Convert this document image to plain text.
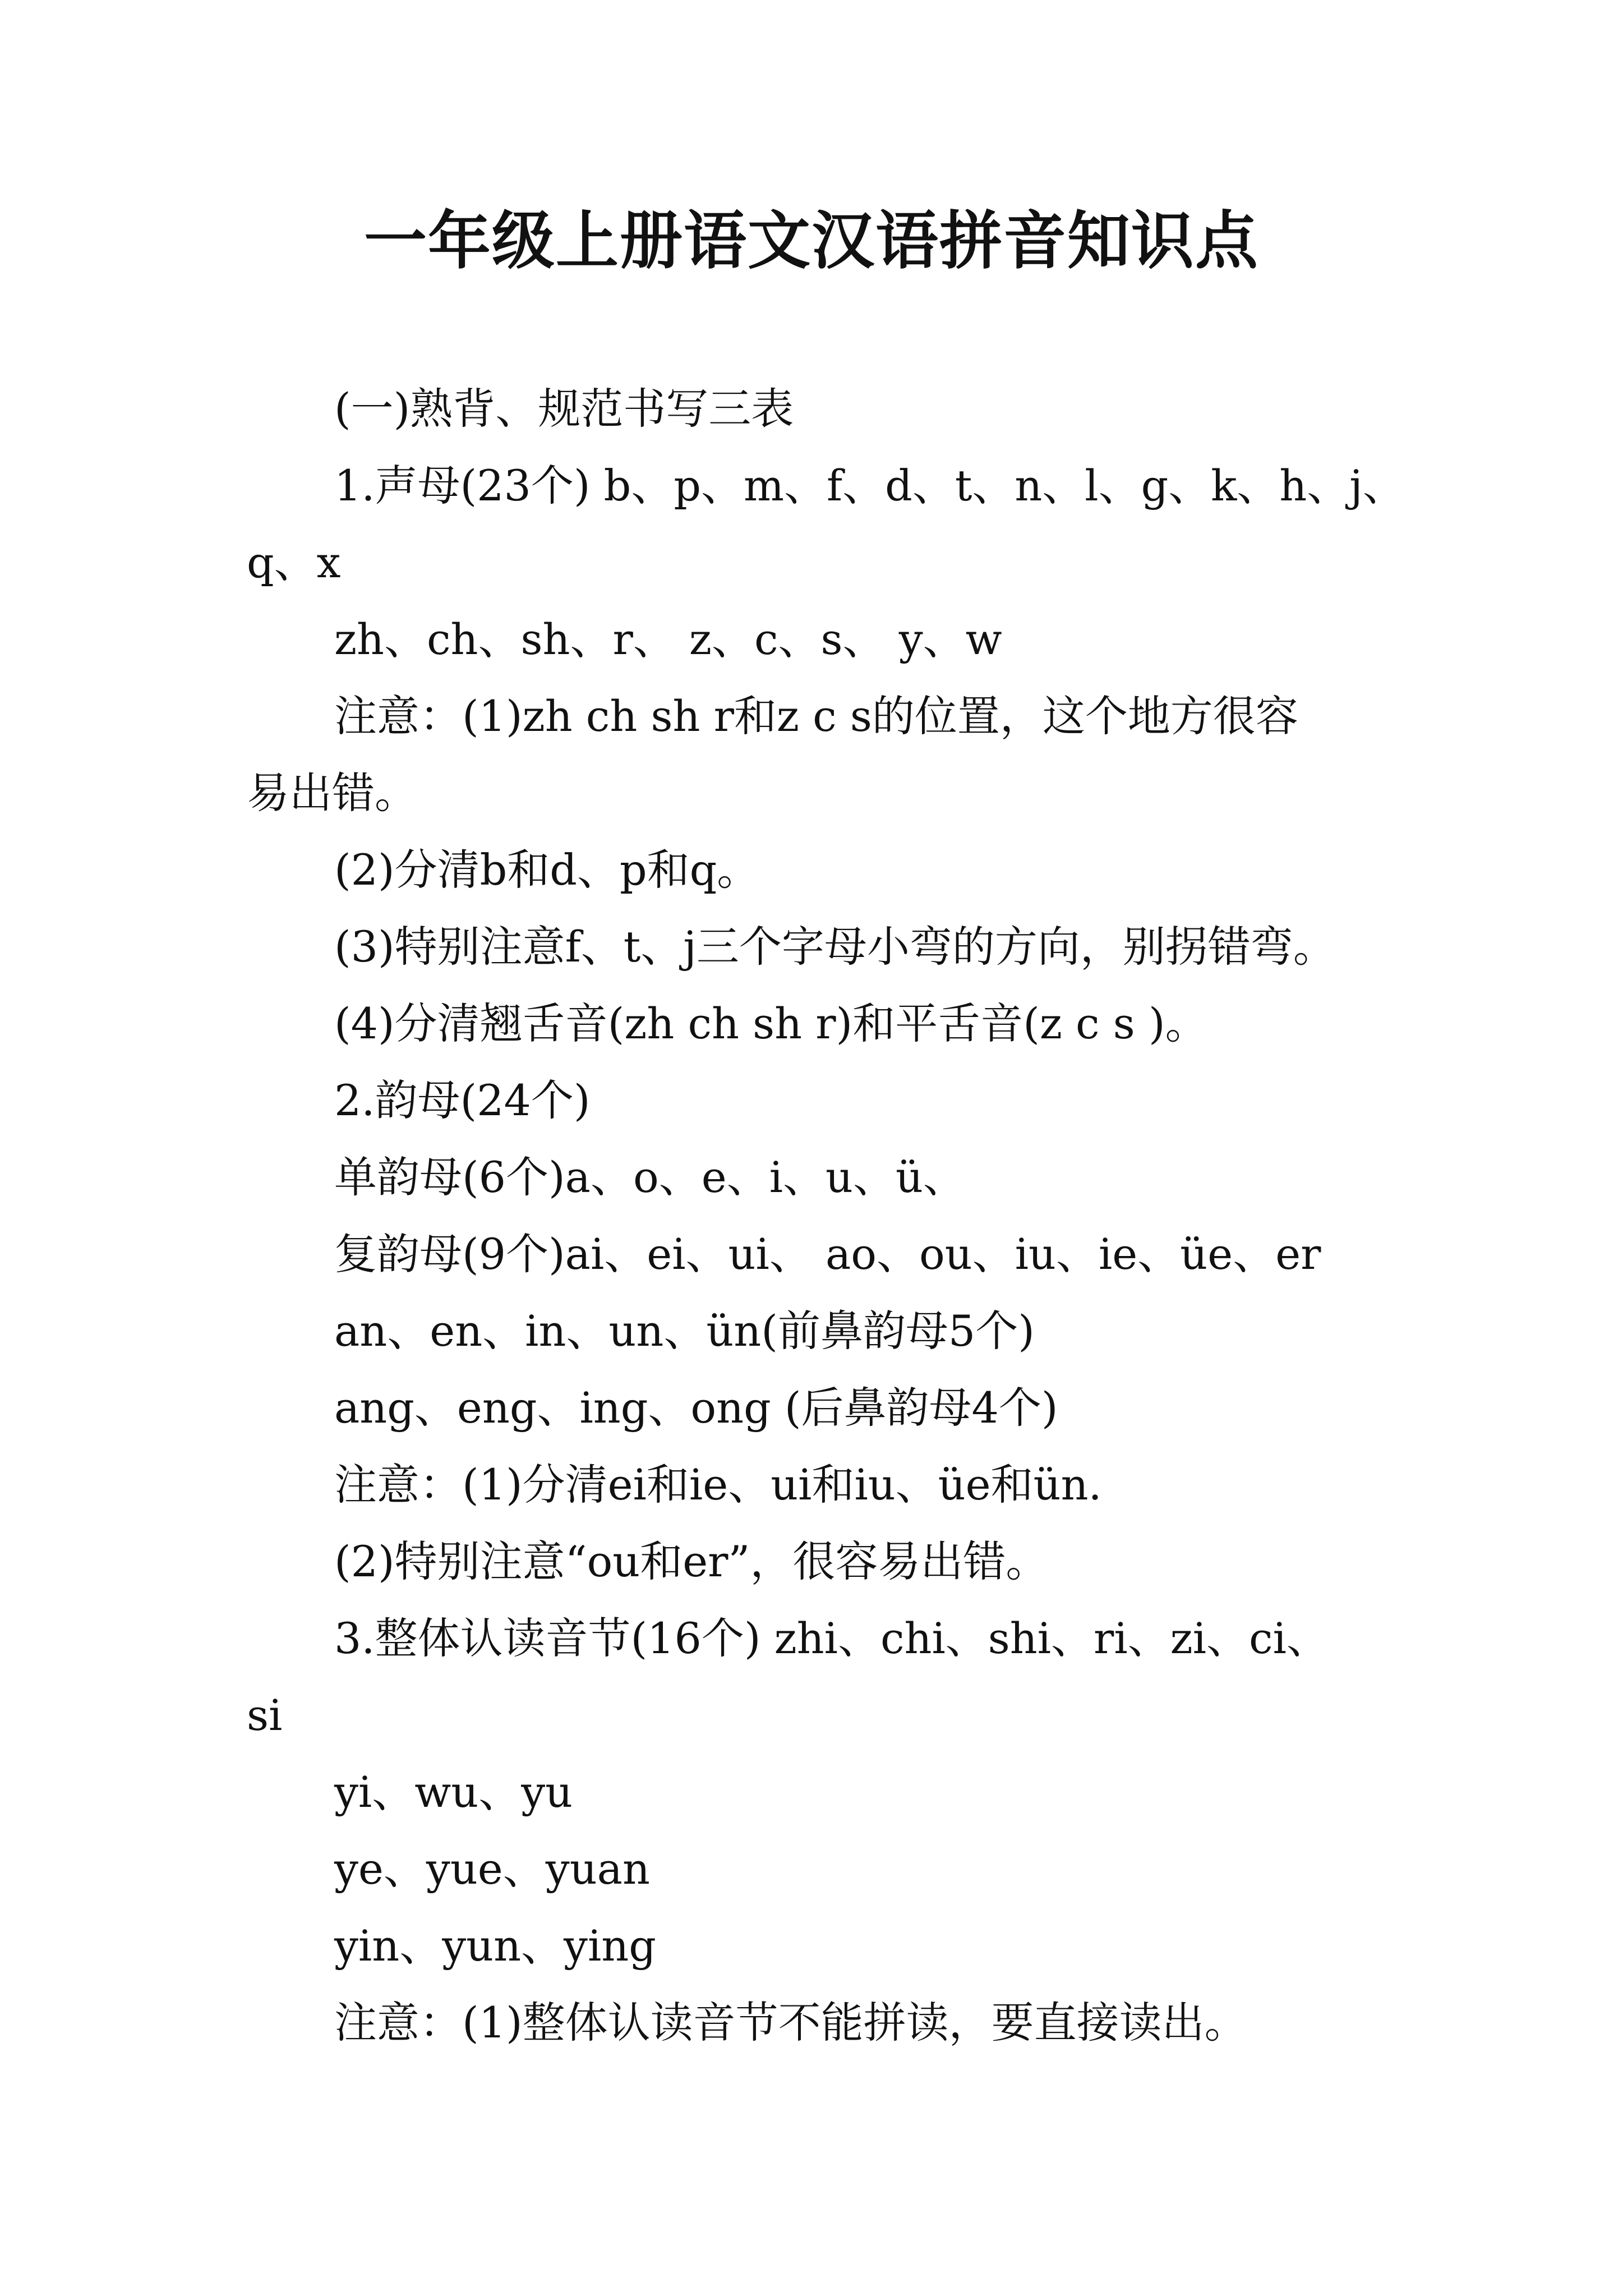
一年级上册语文汉语拼音知识点
(一)熟背、规范书写三表
1.声母(23个) b、p、m、f、d、t、n、l、g、k、h、j、
q、x
zh、ch、sh、r、 z、c、s、 y、w
注意：(1)zh ch sh r和z c s的位置，这个地方很容
易出错。
(2)分清b和d、p和q。
(3)特别注意f、t、j三个字母小弯的方向，别拐错弯。
(4)分清翘舌音(zh ch sh r)和平舌音(z c s )。
2.韵母(24个)
单韵母(6个)a、o、e、i、u、ü、
复韵母(9个)ai、ei、ui、 ao、ou、iu、ie、üe、er
an、en、in、un、ün(前鼻韵母5个)
ang、eng、ing、ong (后鼻韵母4个)
注意：(1)分清ei和ie、ui和iu、üe和ün.
(2)特别注意“ou和er”，很容易出错。
3.整体认读音节(16个) zhi、chi、shi、ri、zi、ci、
si
yi、wu、yu
ye、yue、yuan
yin、yun、ying
注意：(1)整体认读音节不能拼读，要直接读出。
